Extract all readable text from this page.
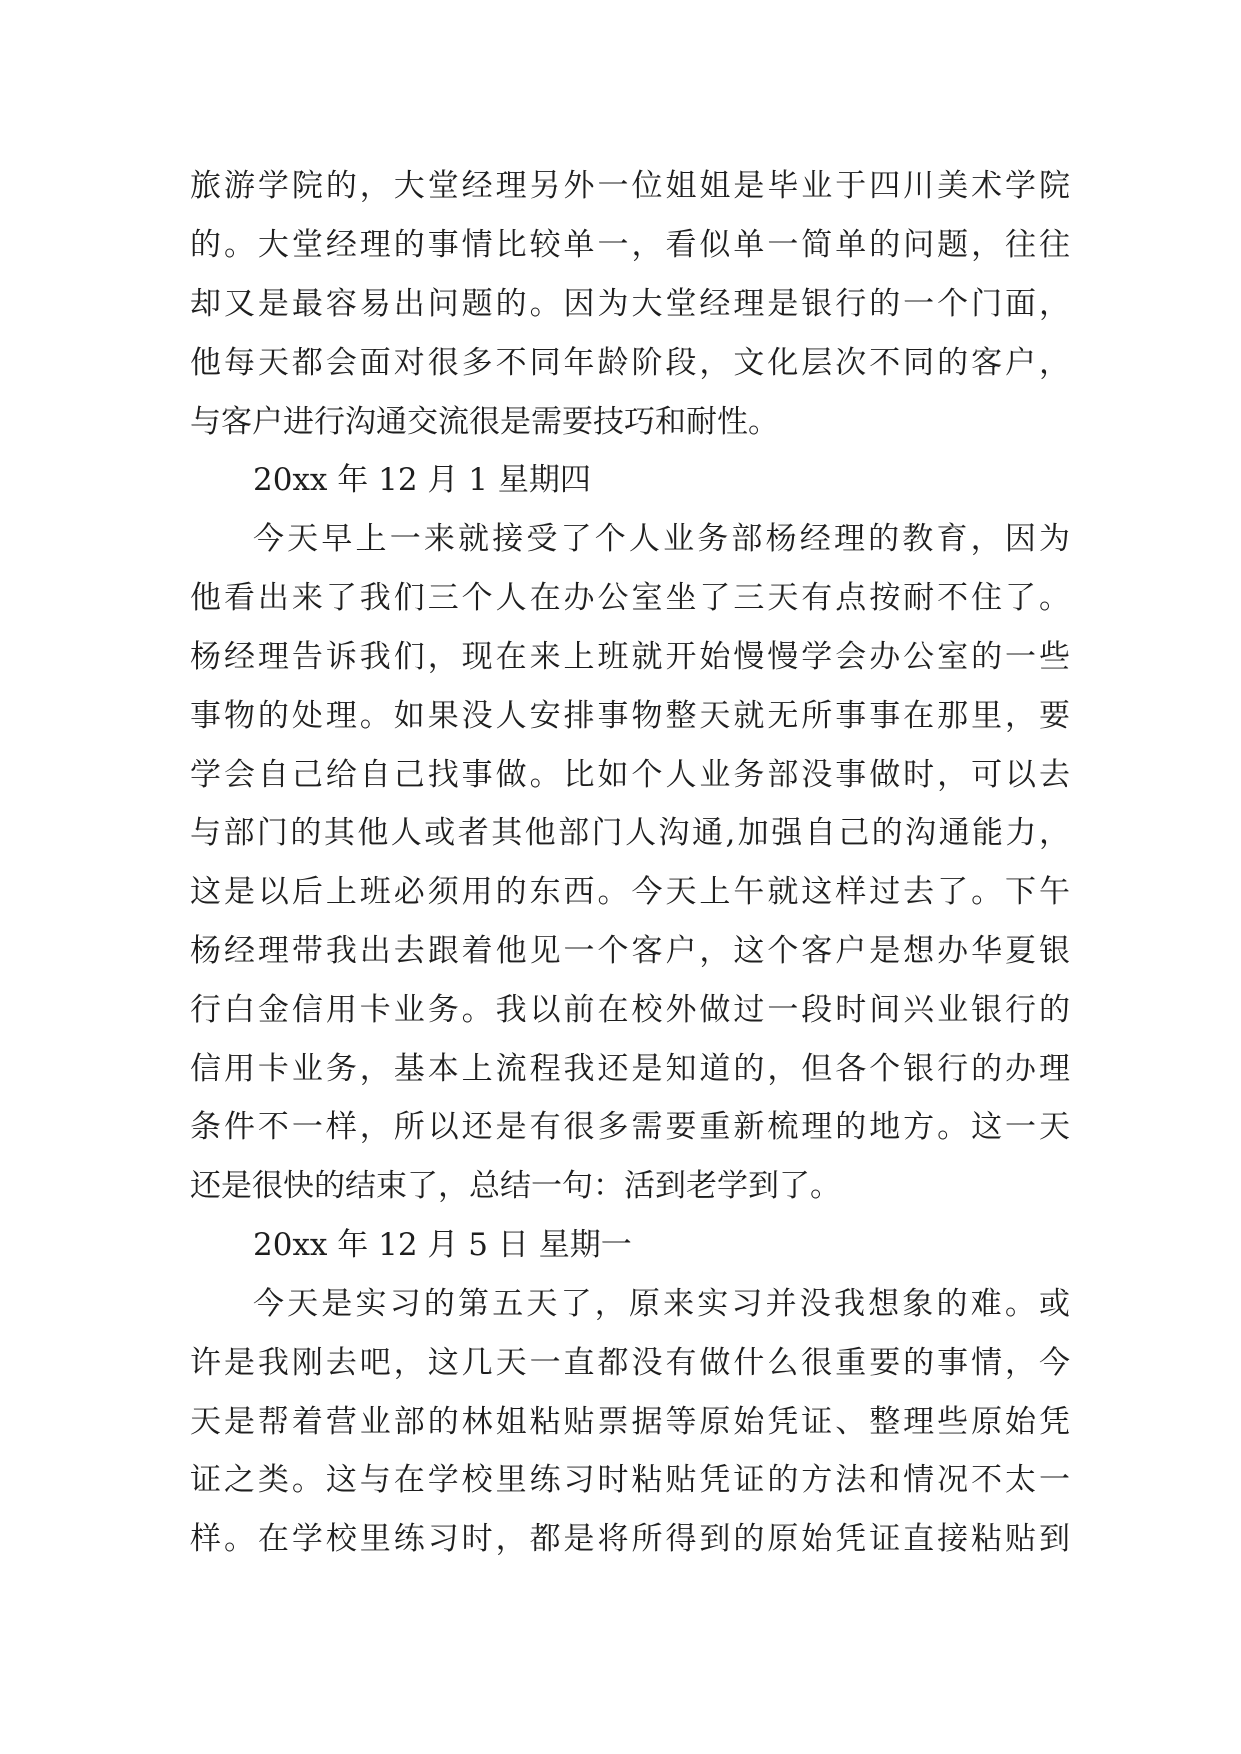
旅游学院的，大堂经理另外一位姐姐是毕业于四川美术学院
的。大堂经理的事情比较单一，看似单一简单的问题，往往
却又是最容易出问题的。因为大堂经理是银行的一个门面，
他每天都会面对很多不同年龄阶段，文化层次不同的客户，
与客户进行沟通交流很是需要技巧和耐性。
20xx 年 12 月 1 星期四
今天早上一来就接受了个人业务部杨经理的教育，因为
他看出来了我们三个人在办公室坐了三天有点按耐不住了。
杨经理告诉我们，现在来上班就开始慢慢学会办公室的一些
事物的处理。如果没人安排事物整天就无所事事在那里，要
学会自己给自己找事做。比如个人业务部没事做时，可以去
与部门的其他人或者其他部门人沟通,加强自己的沟通能力，
这是以后上班必须用的东西。今天上午就这样过去了。下午
杨经理带我出去跟着他见一个客户，这个客户是想办华夏银
行白金信用卡业务。我以前在校外做过一段时间兴业银行的
信用卡业务，基本上流程我还是知道的，但各个银行的办理
条件不一样，所以还是有很多需要重新梳理的地方。这一天
还是很快的结束了，总结一句：活到老学到了。
20xx 年 12 月 5 日 星期一
今天是实习的第五天了，原来实习并没我想象的难。或
许是我刚去吧，这几天一直都没有做什么很重要的事情，今
天是帮着营业部的林姐粘贴票据等原始凭证、整理些原始凭
证之类。这与在学校里练习时粘贴凭证的方法和情况不太一
样。在学校里练习时，都是将所得到的原始凭证直接粘贴到
